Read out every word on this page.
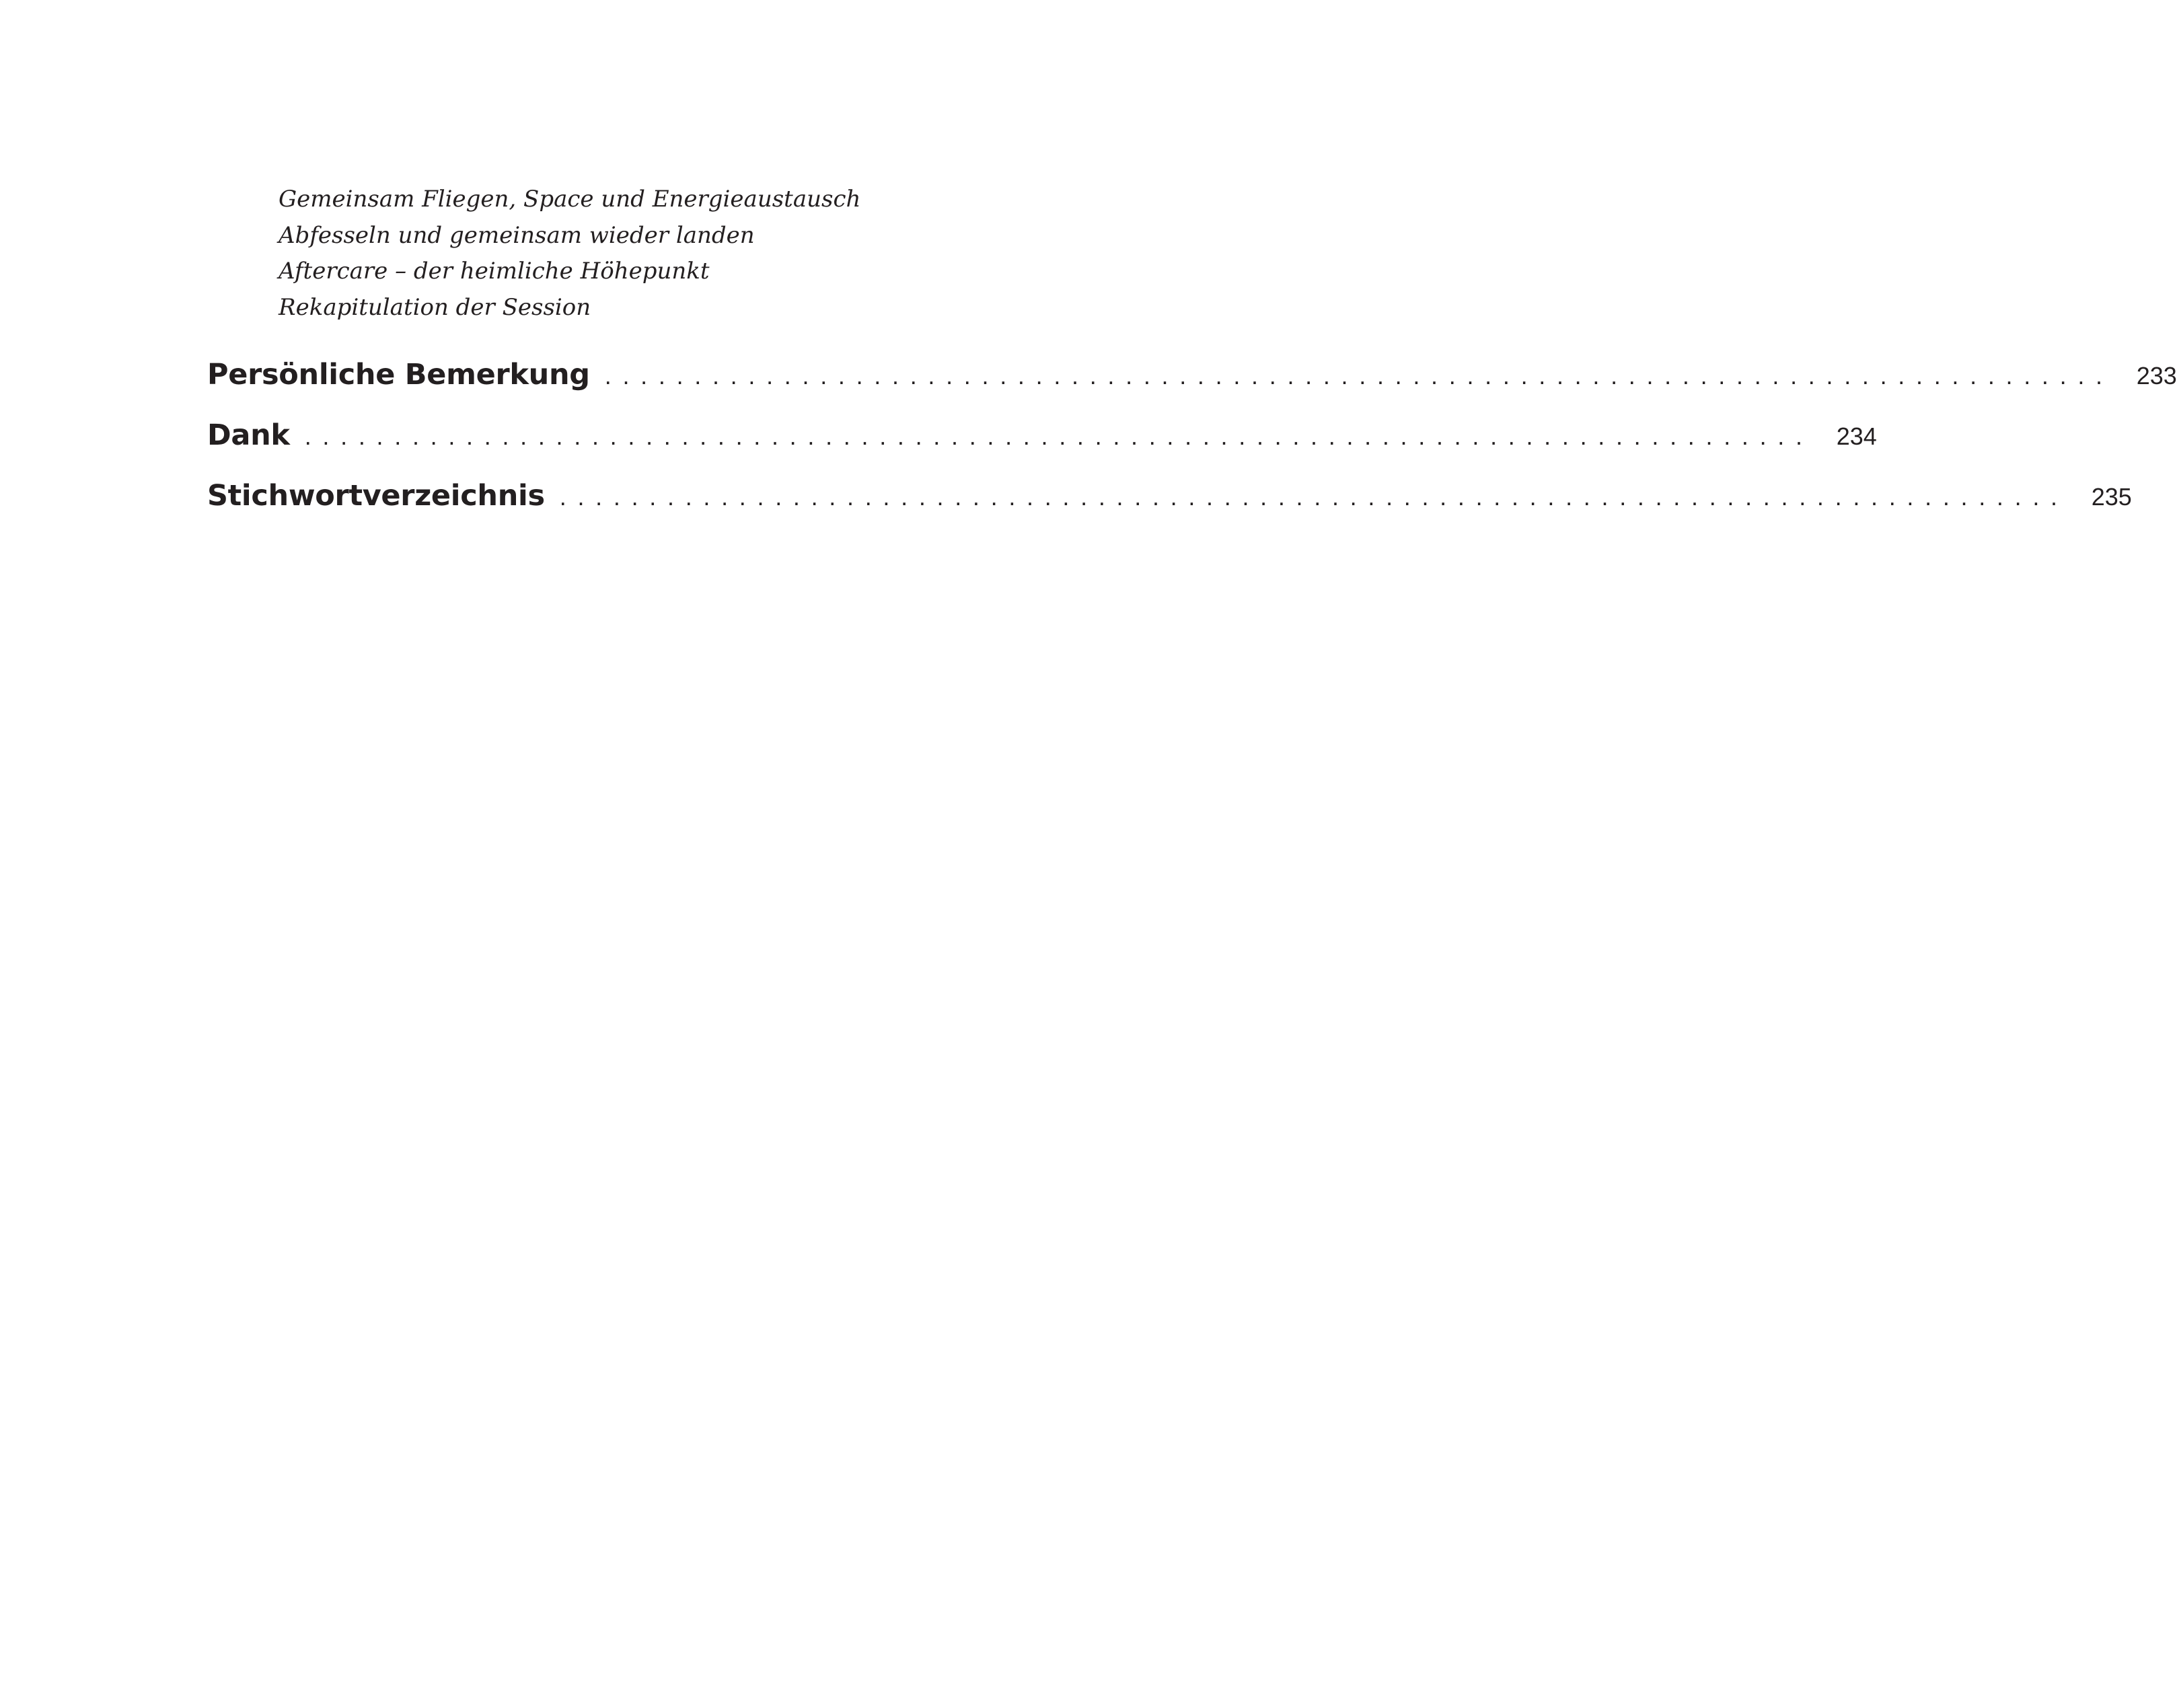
Gemeinsam Fliegen, Space und Energieaustausch
Abfesseln und gemeinsam wieder landen
Aftercare – der heimliche Höhepunkt
Rekapitulation der Session
Persönliche Bemerkung .................................................................................... 233
Dank .................................................................................... 234
Stichwortverzeichnis .................................................................................... 235
